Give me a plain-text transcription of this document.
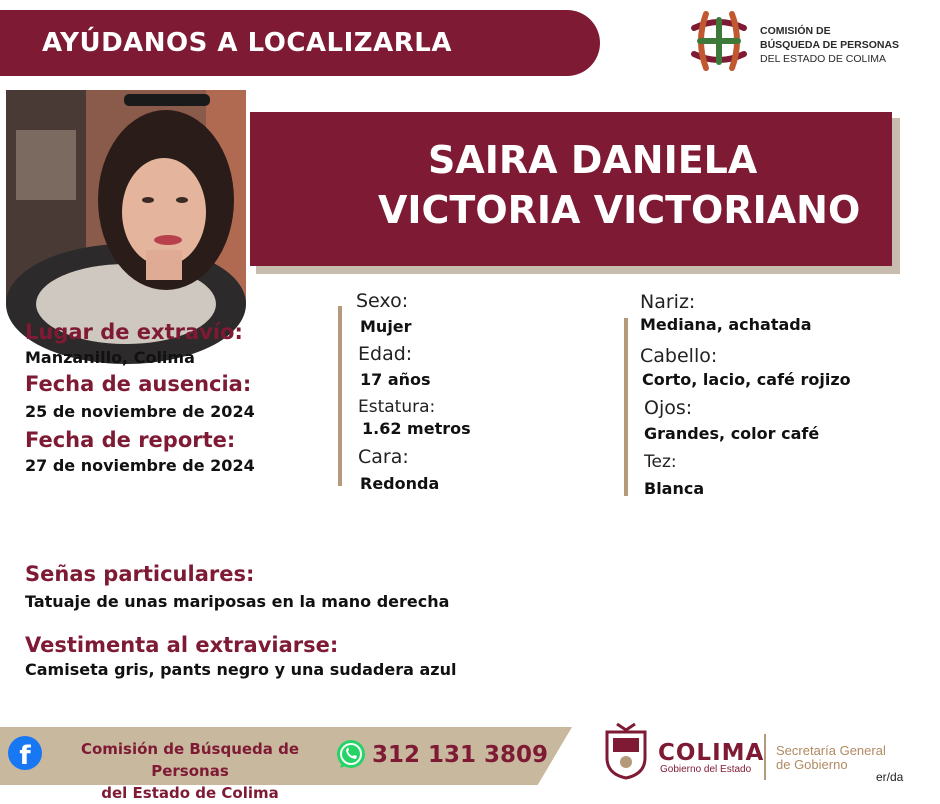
AYÚDANOS A LOCALIZARLA	COMISIÓN DE
BÚSQUEDA DE PERSONAS
DEL ESTADO DE COLIMA
SAIRA DANIELA
VICTORIA VICTORIANO
Lugar de extravío:
Manzanillo, Colima
Fecha de ausencia:
25 de noviembre de 2024
Fecha de reporte:
27 de noviembre de 2024
Sexo:
Mujer
Edad:
17 años
Estatura:
1.62 metros
Cara:
Redonda
Nariz:
Mediana, achatada
Cabello:
Corto, lacio, café rojizo
Ojos:
Grandes, color café
Tez:
Blanca
Señas particulares:
Tatuaje de unas mariposas en la mano derecha
Vestimenta al extraviarse:
Camiseta gris, pants negro y una sudadera azul
f	Comisión de Búsqueda de Personas
del Estado de Colima
312 131 3809	COLIMA
Gobierno del Estado
Secretaría General
de Gobierno
er/da
